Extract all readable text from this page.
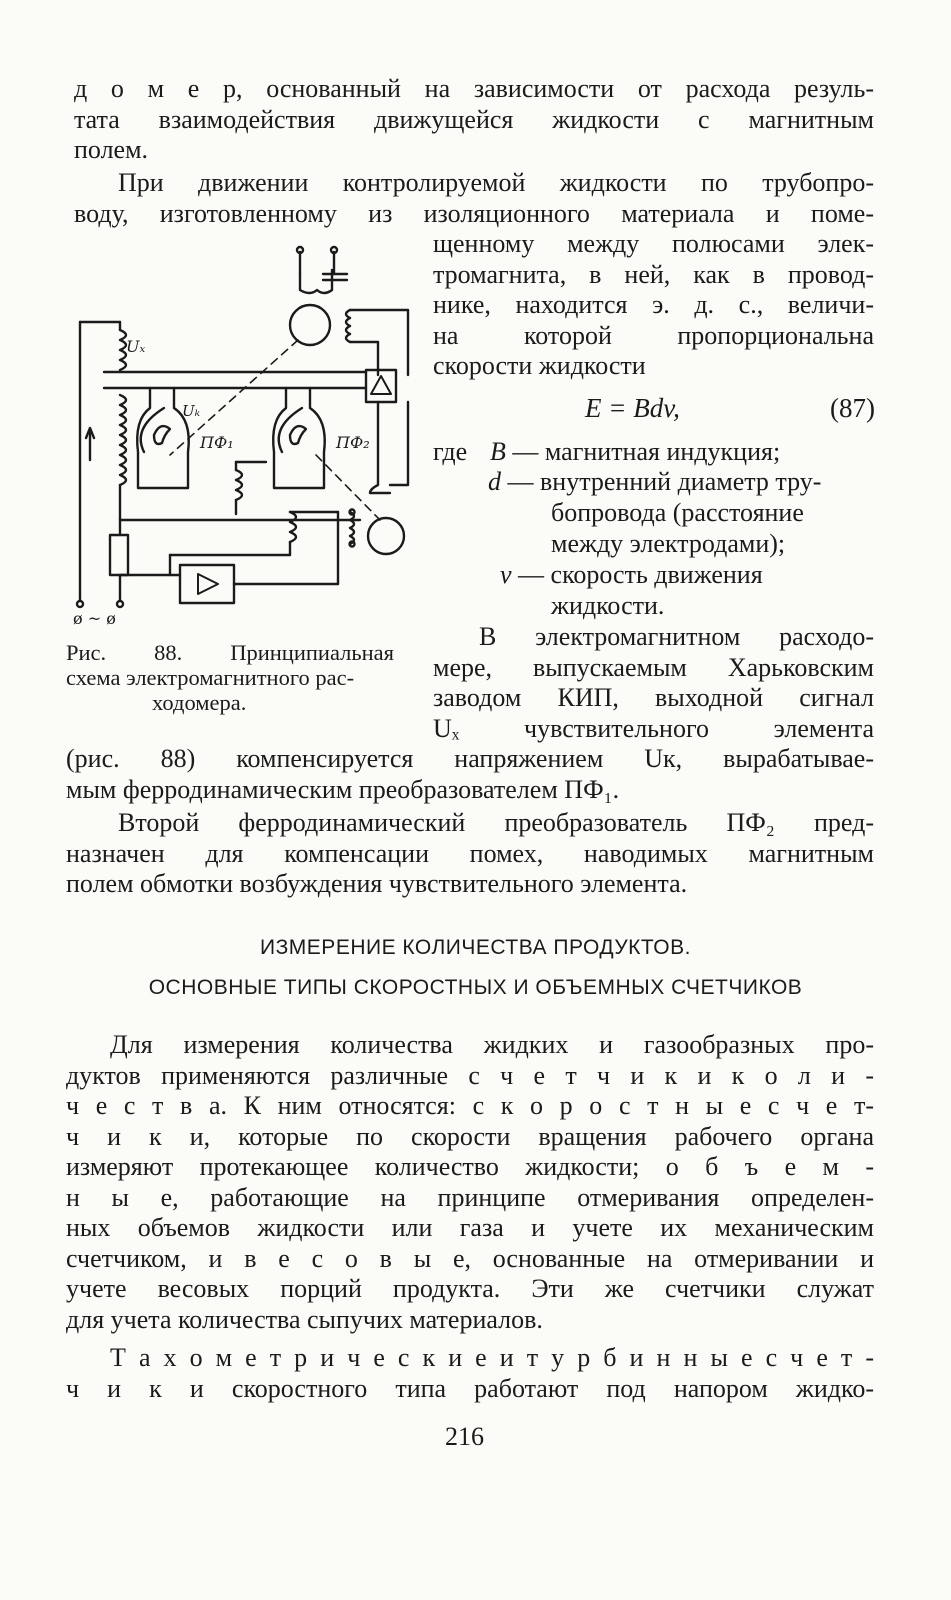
д о м е р, основанный на зависимости от расхода резуль-
тата взаимодействия движущейся жидкости с магнитным
полем.
При движении контролируемой жидкости по трубопро-
воду, изготовленному из изоляционного материала и поме-
щенному между полюсами элек-
тромагнита, в ней, как в провод-
нике, находится э. д. с., величи-
на которой пропорциональна
скорости жидкости
E = Bdv,	(87)
где B — магнитная индукция;
d — внутренний диаметр тру-
бопровода (расстояние
между электродами);
v — скорость движения
жидкости.
В электромагнитном расходо-
мере, выпускаемым Харьковским
заводом КИП, выходной сигнал
Uₓ чувствительного элемента
(рис. 88) компенсируется напряжением Uк, вырабатывае-
мым ферродинамическим преобразователем ПФ₁.
Второй ферродинамический преобразователь ПФ₂ пред-
назначен для компенсации помех, наводимых магнитным
полем обмотки возбуждения чувствительного элемента.
ИЗМЕРЕНИЕ КОЛИЧЕСТВА ПРОДУКТОВ.
ОСНОВНЫЕ ТИПЫ СКОРОСТНЫХ И ОБЪЕМНЫХ СЧЕТЧИКОВ
Для измерения количества жидких и газообразных про-
дуктов применяются различные с ч е т ч и к и к о л и -
ч е с т в а. К ним относятся: с к о р о с т н ы е с ч е т-
ч и к и, которые по скорости вращения рабочего органа
измеряют протекающее количество жидкости; о б ъ е м -
н ы е, работающие на принципе отмеривания определен-
ных объемов жидкости или газа и учете их механическим
счетчиком, и в е с о в ы е, основанные на отмеривании и
учете весовых порций продукта. Эти же счетчики служат
для учета количества сыпучих материалов.
Т а х о м е т р и ч е с к и е и т у р б и н н ы е с ч е т -
ч и к и скоростного типа работают под напором жидко-
216
Рис. 88. Принципиальная
схема электромагнитного рас-
ходомера.
Uₓ
ø ~ ø
ПФ₁
Uₖ
ПФ₂
